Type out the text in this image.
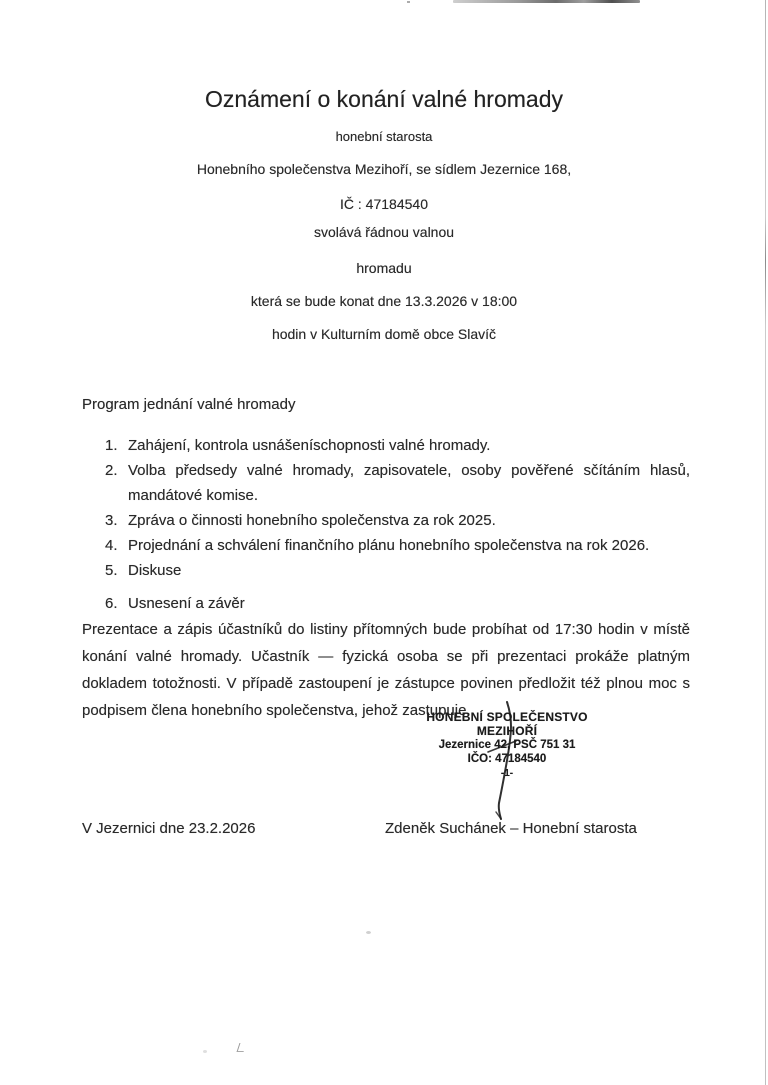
Oznámení o konání valné hromady
honební starosta
Honebního společenstva Mezihoří, se sídlem Jezernice 168,
IČ : 47184540
svolává řádnou valnou
hromadu
která se bude konat dne 13.3.2026 v 18:00
hodin v Kulturním domě obce Slavíč
Program jednání valné hromady
1. Zahájení, kontrola usnášeníschopnosti valné hromady.
2. Volba předsedy valné hromady, zapisovatele, osoby pověřené sčítáním hlasů, mandátové komise.
3. Zpráva o činnosti honebního společenstva za rok 2025.
4. Projednání a schválení finančního plánu honebního společenstva na rok 2026.
5. Diskuse
6. Usnesení a závěr
Prezentace a zápis účastníků do listiny přítomných bude probíhat od 17:30 hodin v místě konání valné hromady. Učastník — fyzická osoba se při prezentaci prokáže platným dokladem totožnosti. V případě zastoupení je zástupce povinen předložit též plnou moc s podpisem člena honebního společenstva, jehož zastupuje.
HONEBNÍ SPOLEČENSTVO
MEZIHOŘÍ
Jezernice 42, PSČ 751 31
IČO: 47184540
-1-
V Jezernici dne 23.2.2026	Zdeněk Suchánek – Honební starosta
